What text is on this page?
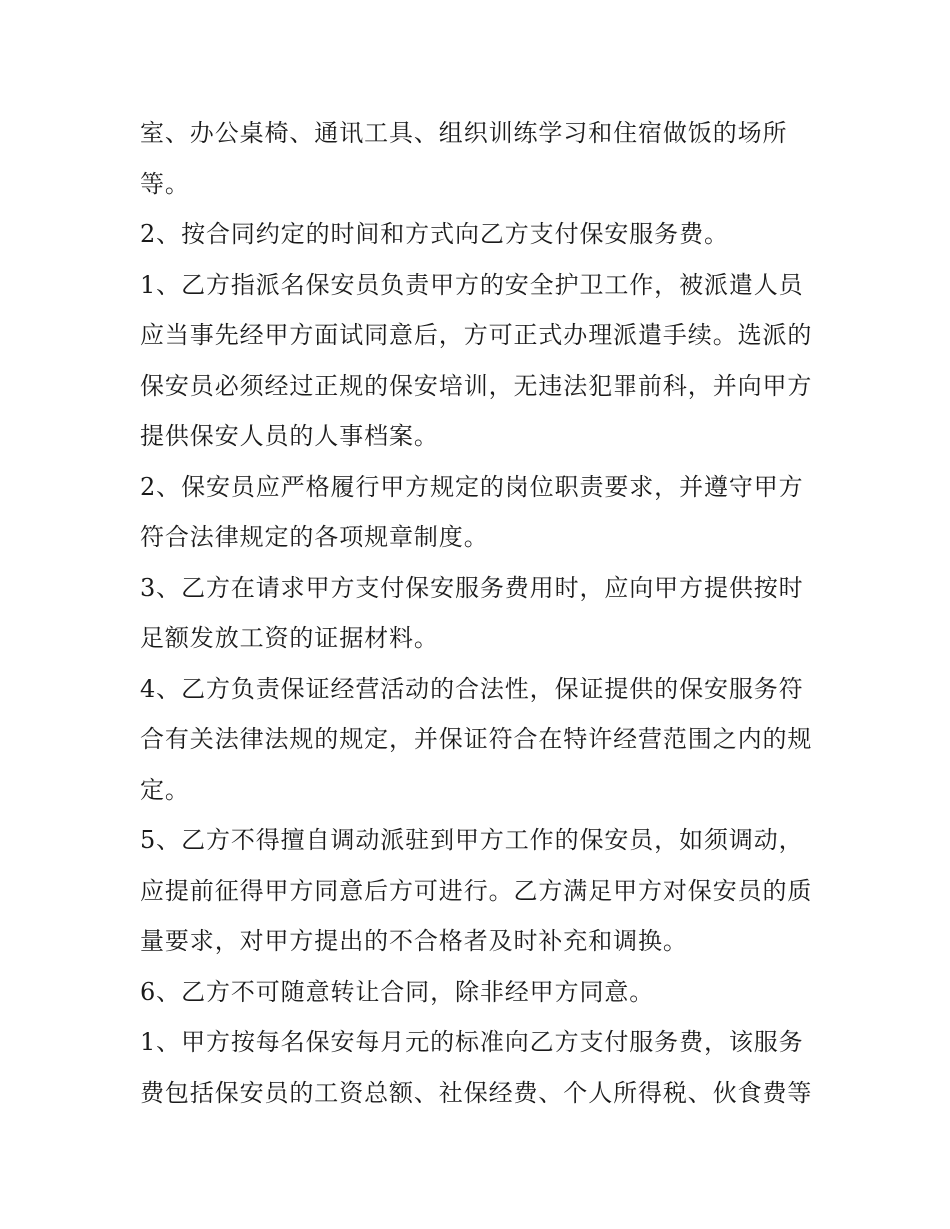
室、办公桌椅、通讯工具、组织训练学习和住宿做饭的场所
等。
2、按合同约定的时间和方式向乙方支付保安服务费。
1、乙方指派名保安员负责甲方的安全护卫工作，被派遣人员
应当事先经甲方面试同意后，方可正式办理派遣手续。选派的
保安员必须经过正规的保安培训，无违法犯罪前科，并向甲方
提供保安人员的人事档案。
2、保安员应严格履行甲方规定的岗位职责要求，并遵守甲方
符合法律规定的各项规章制度。
3、乙方在请求甲方支付保安服务费用时，应向甲方提供按时
足额发放工资的证据材料。
4、乙方负责保证经营活动的合法性，保证提供的保安服务符
合有关法律法规的规定，并保证符合在特许经营范围之内的规
定。
5、乙方不得擅自调动派驻到甲方工作的保安员，如须调动，
应提前征得甲方同意后方可进行。乙方满足甲方对保安员的质
量要求，对甲方提出的不合格者及时补充和调换。
6、乙方不可随意转让合同，除非经甲方同意。
1、甲方按每名保安每月元的标准向乙方支付服务费，该服务
费包括保安员的工资总额、社保经费、个人所得税、伙食费等
